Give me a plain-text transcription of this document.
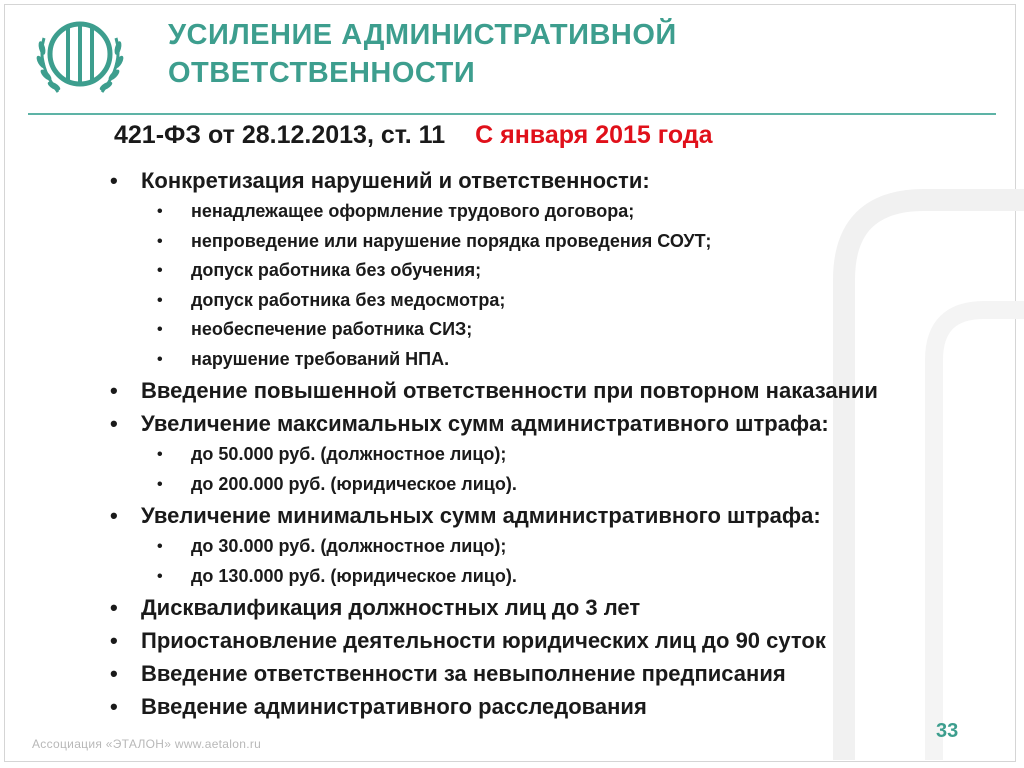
УСИЛЕНИЕ АДМИНИСТРАТИВНОЙ
ОТВЕТСТВЕННОСТИ
421-ФЗ от 28.12.2013, ст. 11 С января 2015 года
• Конкретизация нарушений и ответственности:
• ненадлежащее оформление трудового договора;
• непроведение или нарушение порядка проведения СОУТ;
• допуск работника без обучения;
• допуск работника без медосмотра;
• необеспечение работника СИЗ;
• нарушение требований НПА.
• Введение повышенной ответственности при повторном наказании
• Увеличение максимальных сумм административного штрафа:
• до 50.000 руб. (должностное лицо);
• до 200.000 руб. (юридическое лицо).
• Увеличение минимальных сумм административного штрафа:
• до 30.000 руб. (должностное лицо);
• до 130.000 руб. (юридическое лицо).
• Дисквалификация должностных лиц до 3 лет
• Приостановление деятельности юридических лиц до 90 суток
• Введение ответственности за невыполнение предписания
• Введение административного расследования
Ассоциация «ЭТАЛОН» www.aetalon.ru
33
